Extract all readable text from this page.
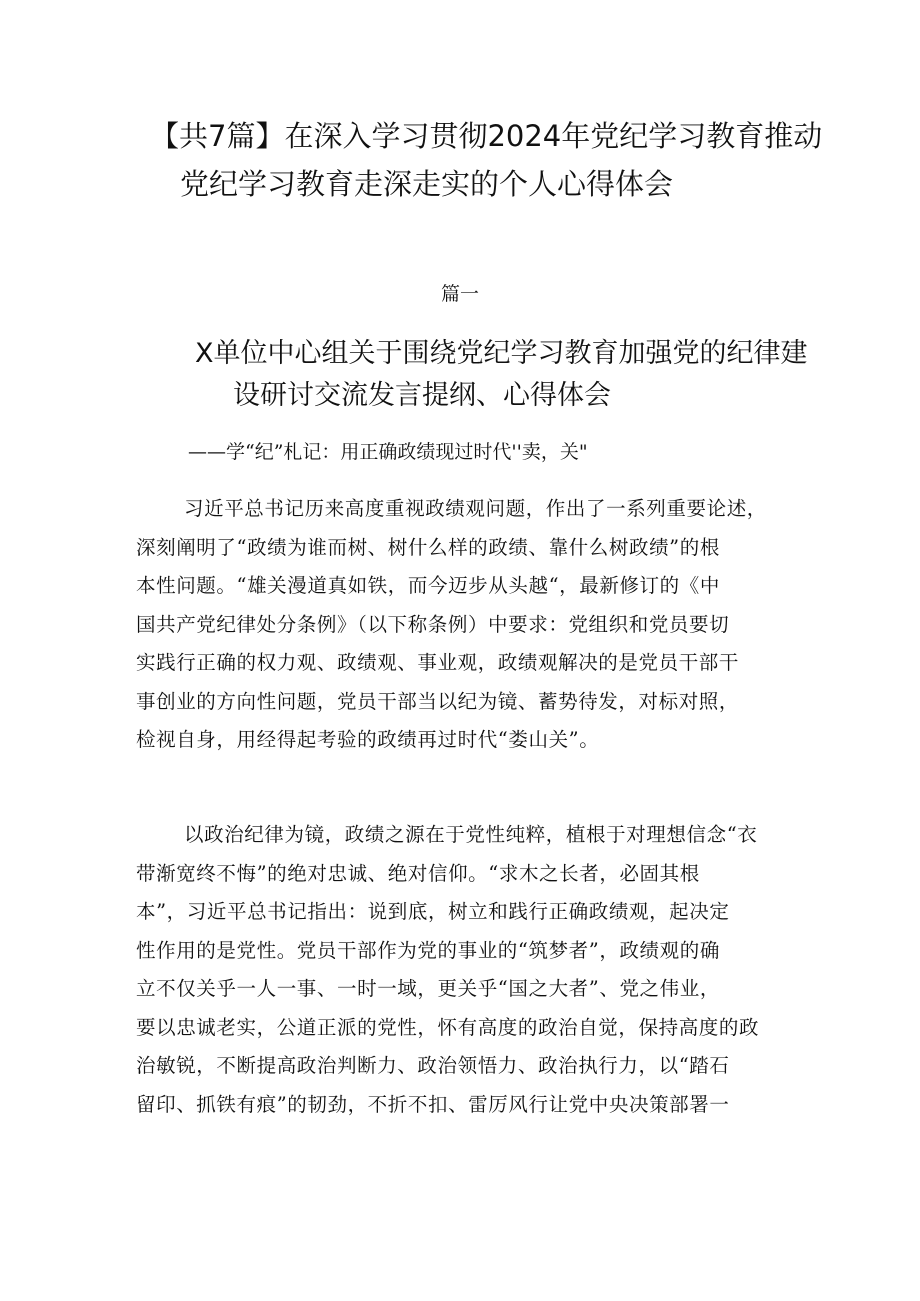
【共7篇】在深入学习贯彻2024年党纪学习教育推动
党纪学习教育走深走实的个人心得体会
篇一
X单位中心组关于围绕党纪学习教育加强党的纪律建
设研讨交流发言提纲、心得体会
——学“纪”札记：用正确政绩现过时代''卖，关"
习近平总书记历来高度重视政绩观问题，作出了一系列重要论述，
深刻阐明了“政绩为谁而树、树什么样的政绩、靠什么树政绩”的根
本性问题。“雄关漫道真如铁，而今迈步从头越“，最新修订的《中
国共产党纪律处分条例》（以下称条例）中要求：党组织和党员要切
实践行正确的权力观、政绩观、事业观，政绩观解决的是党员干部干
事创业的方向性问题，党员干部当以纪为镜、蓄势待发，对标对照，
检视自身，用经得起考验的政绩再过时代“娄山关”。
以政治纪律为镜，政绩之源在于党性纯粹，植根于对理想信念“衣
带渐宽终不悔”的绝对忠诚、绝对信仰。“求木之长者，必固其根
本”，习近平总书记指出：说到底，树立和践行正确政绩观，起决定
性作用的是党性。党员干部作为党的事业的“筑梦者”，政绩观的确
立不仅关乎一人一事、一时一域，更关乎“国之大者”、党之伟业，
要以忠诚老实，公道正派的党性，怀有高度的政治自觉，保持高度的政
治敏锐，不断提高政治判断力、政治领悟力、政治执行力，以“踏石
留印、抓铁有痕”的韧劲，不折不扣、雷厉风行让党中央决策部署一
